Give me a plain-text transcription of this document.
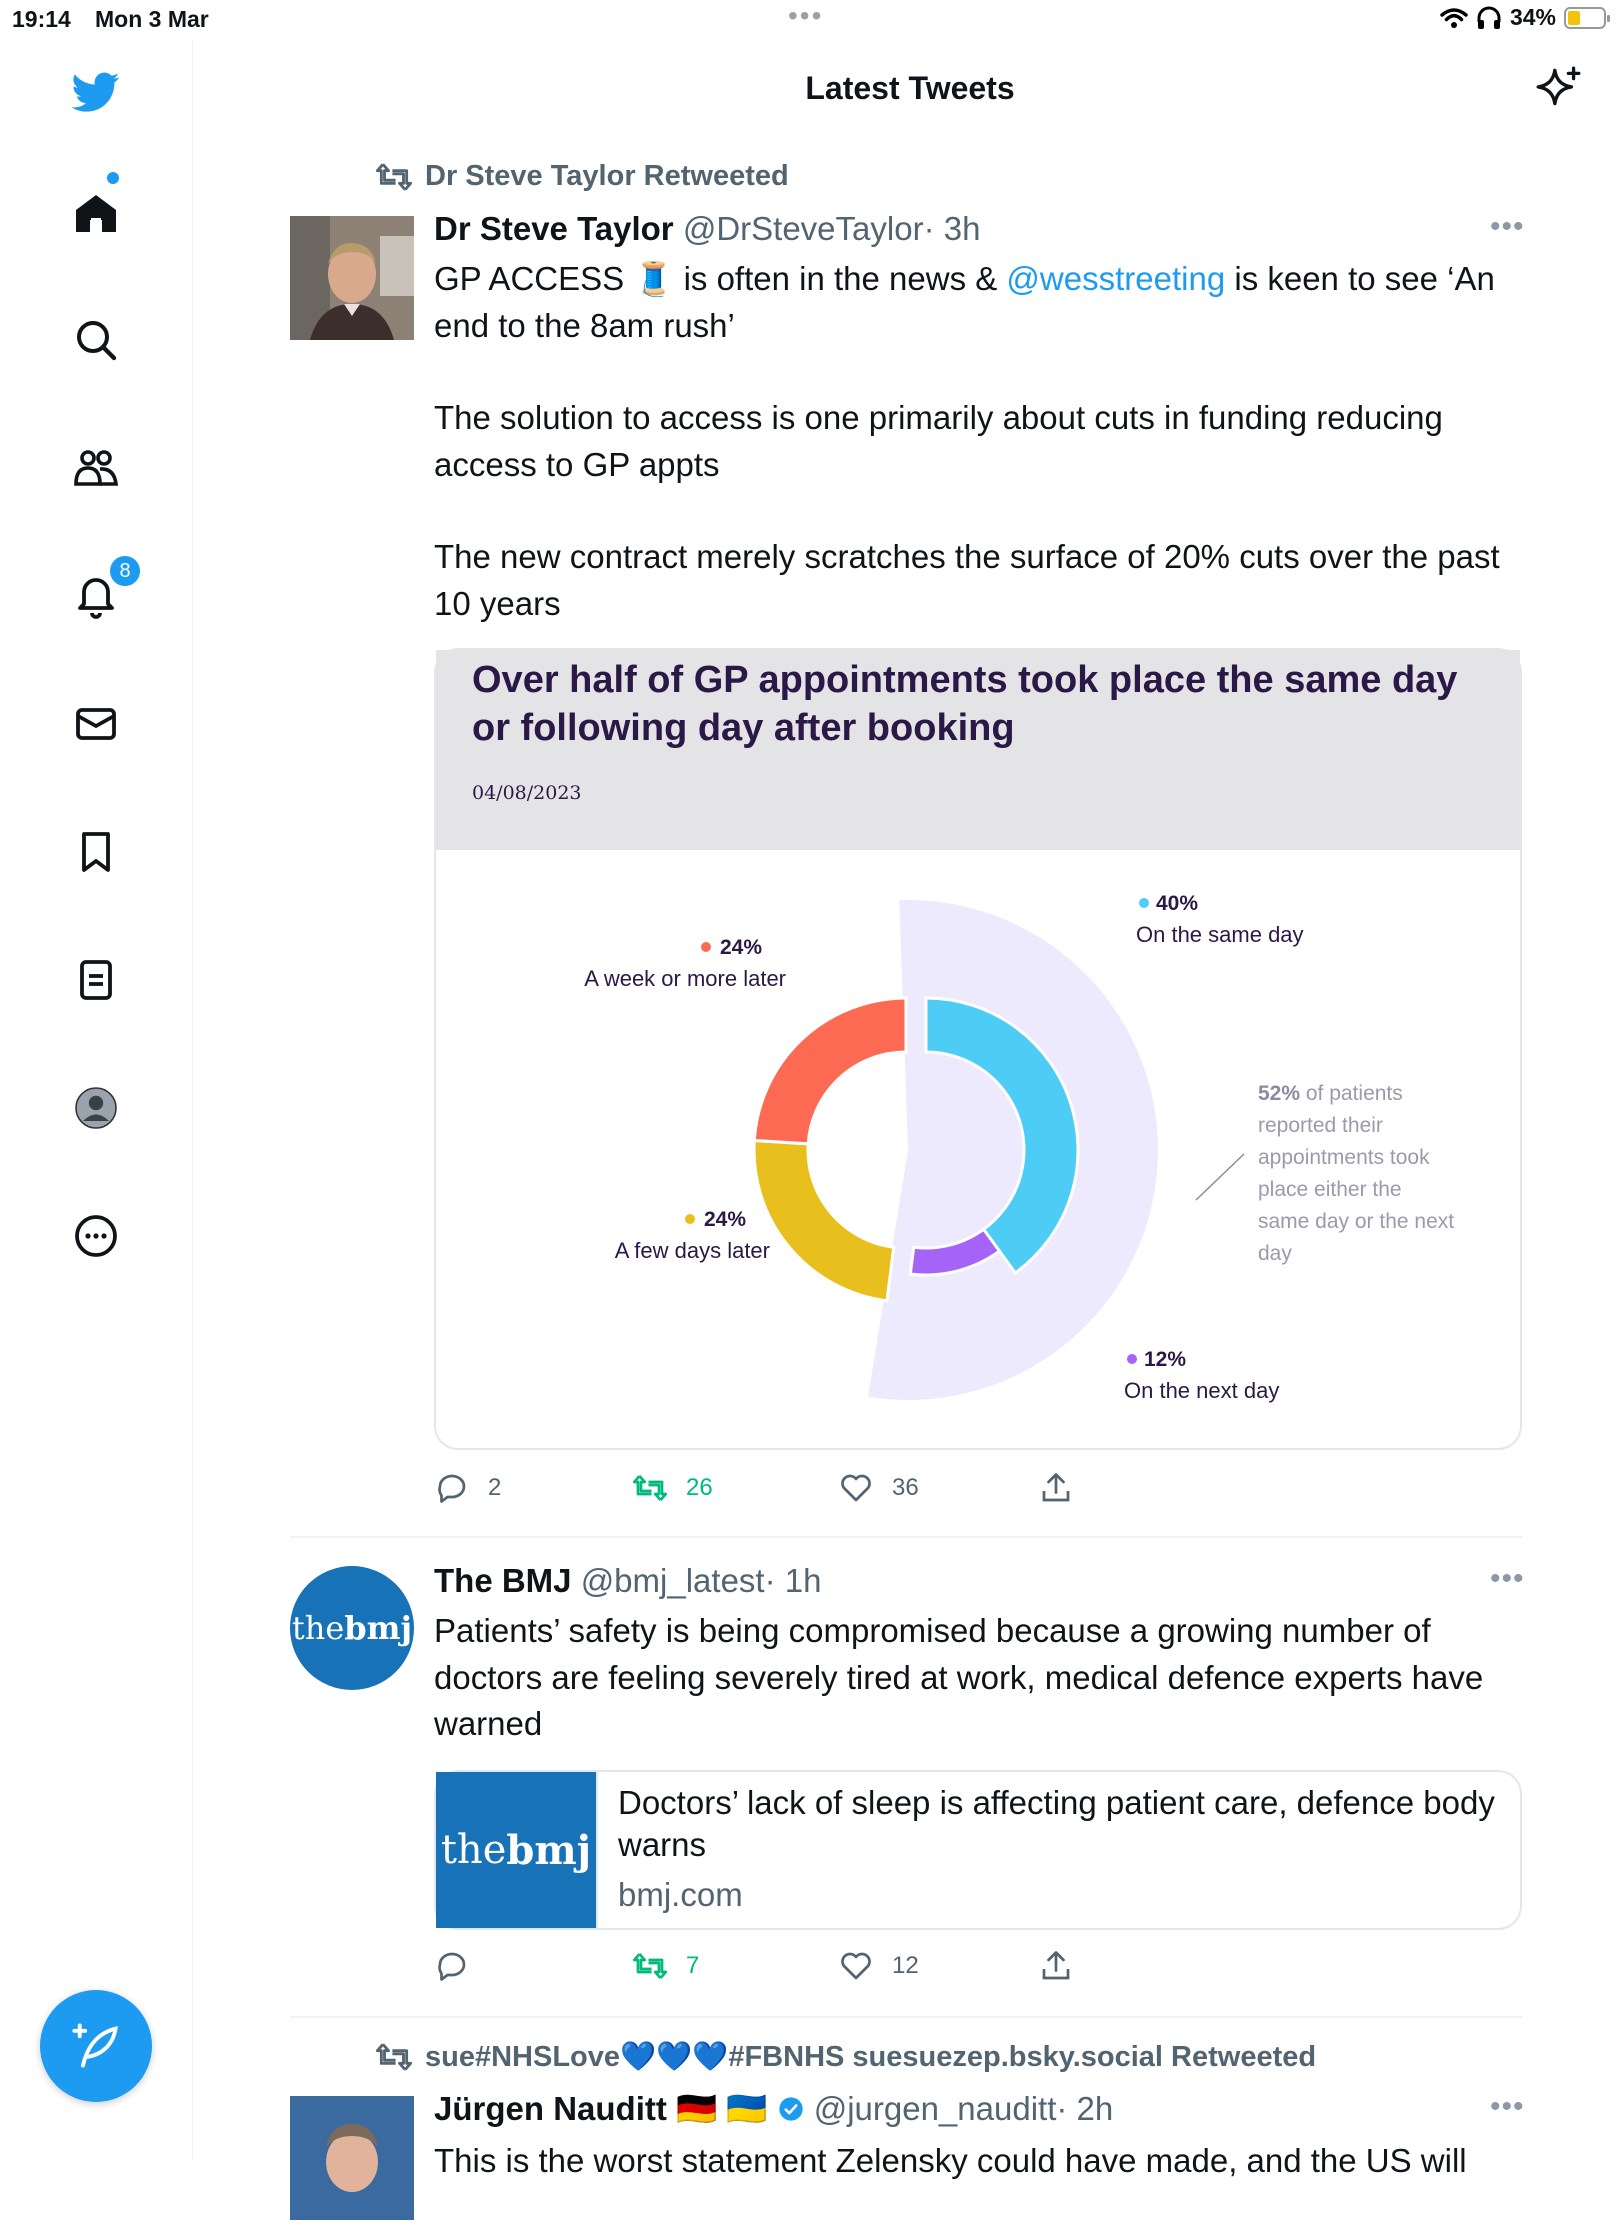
19:14 Mon 3 Mar	•••	34%
8
Latest Tweets
Dr Steve Taylor Retweeted
Dr Steve Taylor @DrSteveTaylor· 3h	•••
GP ACCESS 🧵 is often in the news & @wesstreeting is keen to see ‘An end to the 8am rush’
The solution to access is one primarily about cuts in funding reducing access to GP appts
The new contract merely scratches the surface of 20% cuts over the past 10 years
Over half of GP appointments took place the same day or following day after booking
04/08/2023
40%
On the same day
12%
On the next day
24%
A few days later
24%
A week or more later
52% of patients reported their appointments took place either the same day or the next day
2	26	36
the bmj
The BMJ @bmj_latest· 1h	•••
Patients’ safety is being compromised because a growing number of doctors are feeling severely tired at work, medical defence experts have warned
the bmj
Doctors’ lack of sleep is affecting patient care, defence body warns
bmj.com
7	12
sue#NHSLove💙💙💙#FBNHS suesuezep.bsky.social Retweeted
Jürgen Nauditt 🇩🇪 🇺🇦 @jurgen_nauditt· 2h	•••
This is the worst statement Zelensky could have made, and the US will
